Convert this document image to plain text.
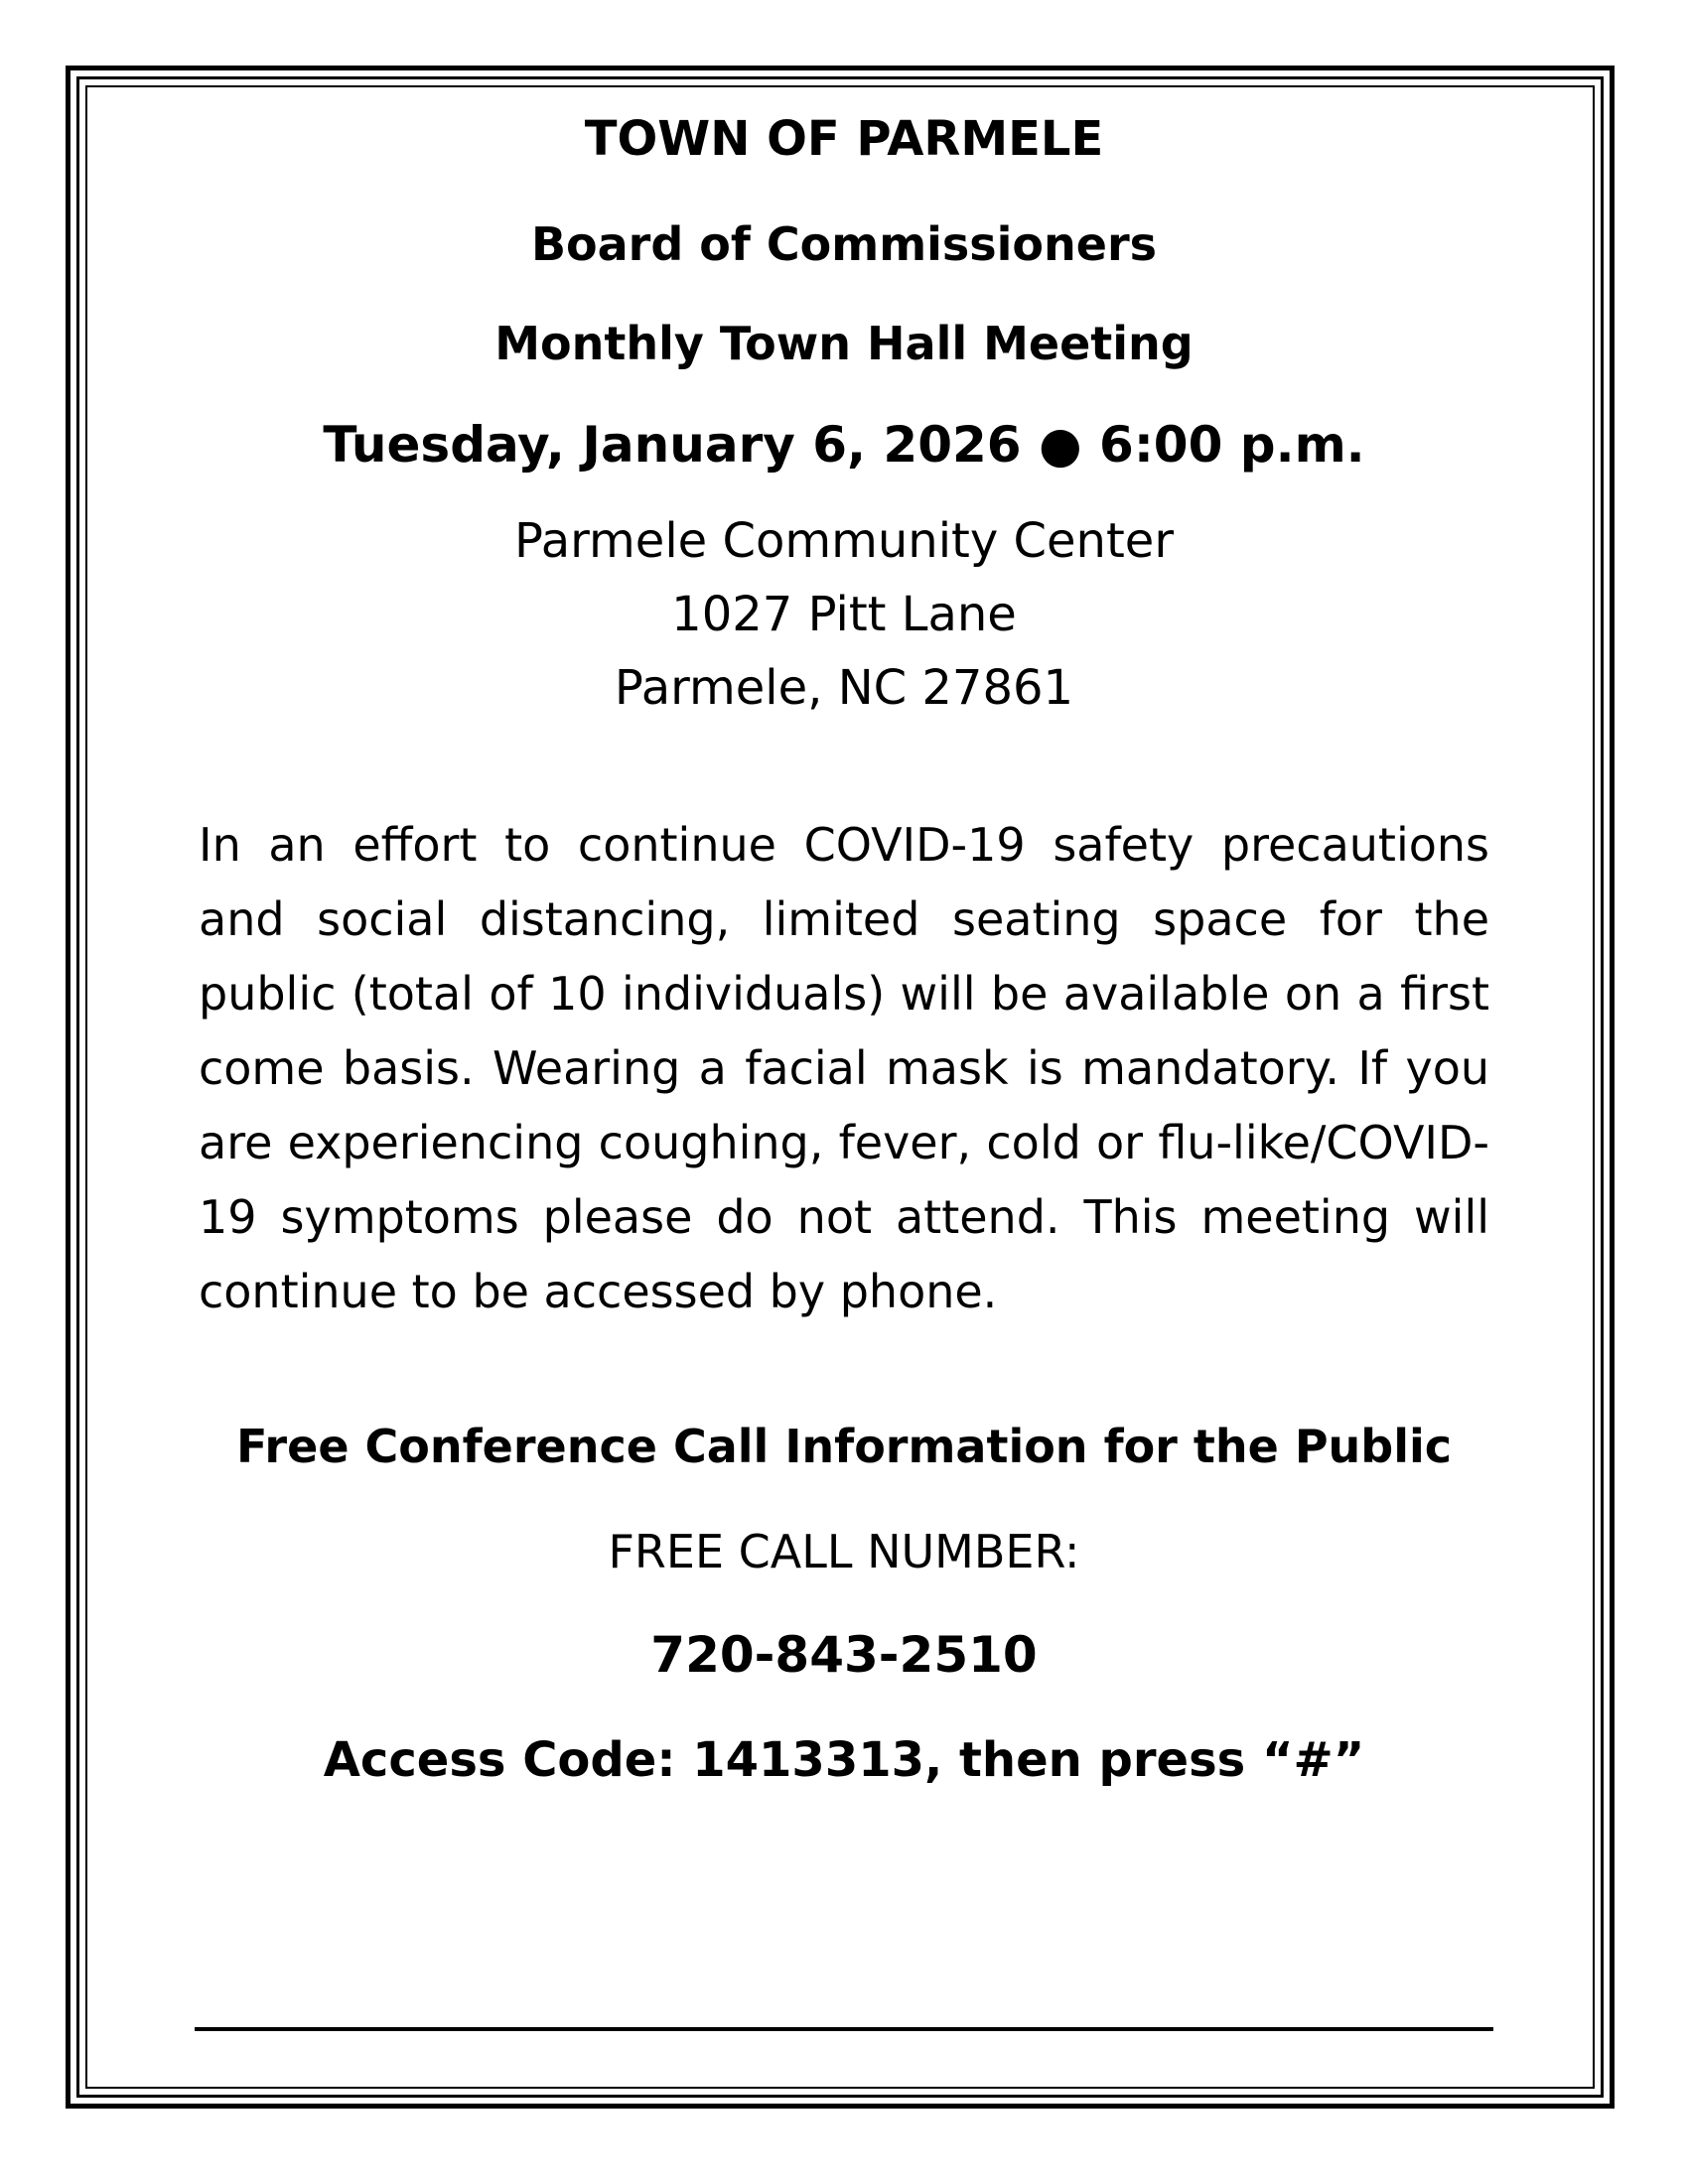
TOWN OF PARMELE

Board of Commissioners

Monthly Town Hall Meeting

Tuesday, January 6, 2026 ● 6:00 p.m.

Parmele Community Center
1027 Pitt Lane
Parmele, NC 27861

In an effort to continue COVID-19 safety precautions and social distancing, limited seating space for the public (total of 10 individuals) will be available on a first come basis. Wearing a facial mask is mandatory. If you are experiencing coughing, fever, cold or flu-like/COVID-19 symptoms please do not attend. This meeting will continue to be accessed by phone.

Free Conference Call Information for the Public

FREE CALL NUMBER:

720-843-2510

Access Code: 1413313, then press “#”
